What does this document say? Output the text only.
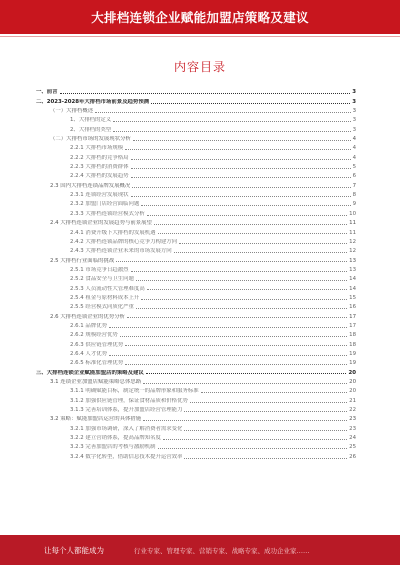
大排档连锁企业赋能加盟店策略及建议
内容目录
一、前言	3
二、2023-2028年大排档市场前景及趋势预测	3
（一）大排档概述	3
1、大排档的定义	3
2、大排档的类型	3
（二）大排档市场的发展现状分析	4
2.2.1 大排档市场规模	4
2.2.2 大排档的竞争格局	4
2.2.3 大排档的消费群体	5
2.2.4 大排档的发展趋势	6
2.3 国内大排档连锁品牌发展概况	7
2.3.1 连锁经营发展现状	8
2.3.2 加盟门店经营面临问题	9
2.3.3 大排档连锁经营模式分析	10
2.4 大排档连锁企业的发展趋势与前景展望	11
2.4.1 消费升级下大排档的发展机遇	11
2.4.2 大排档连锁品牌的核心竞争力构建方向	12
2.4.3 大排档连锁企业未来的市场发展方向	12
2.5 大排档行业面临的挑战	13
2.5.1 市场竞争日趋激烈	13
2.5.2 食品安全与卫生问题	14
2.5.3 人员流动性大管理难度高	14
2.5.4 租金与原材料成本上升	15
2.5.5 经营模式同质化严重	16
2.6 大排档连锁企业的优势分析	17
2.6.1 品牌优势	17
2.6.2 规模经营优势	18
2.6.3 供应链管理优势	18
2.6.4 人才优势	19
2.6.5 标准化管理优势	19
三、大排档连锁企业赋能加盟店的策略及建议	20
3.1 连锁企业加盟店赋能策略总体思路	20
3.1.1 明确赋能目标，制定统一的品牌形象和服务标准	20
3.1.2 加强供应链管理，保证食材品质和价格优势	21
3.1.3 完善培训体系，提升加盟店经营管理能力	22
3.2 策略：赋能加盟店运营的具体措施	23
3.2.1 加强市场调研，深入了解消费者需求变化	23
3.2.2 建立营销体系，提高品牌知名度	24
3.2.3 完善加盟店的考核与激励机制	25
3.2.4 数字化转型，借助信息技术提升运营效率	26
让每个人都能成为	行业专家、管理专家、营销专家、战略专家、成功企业家……
